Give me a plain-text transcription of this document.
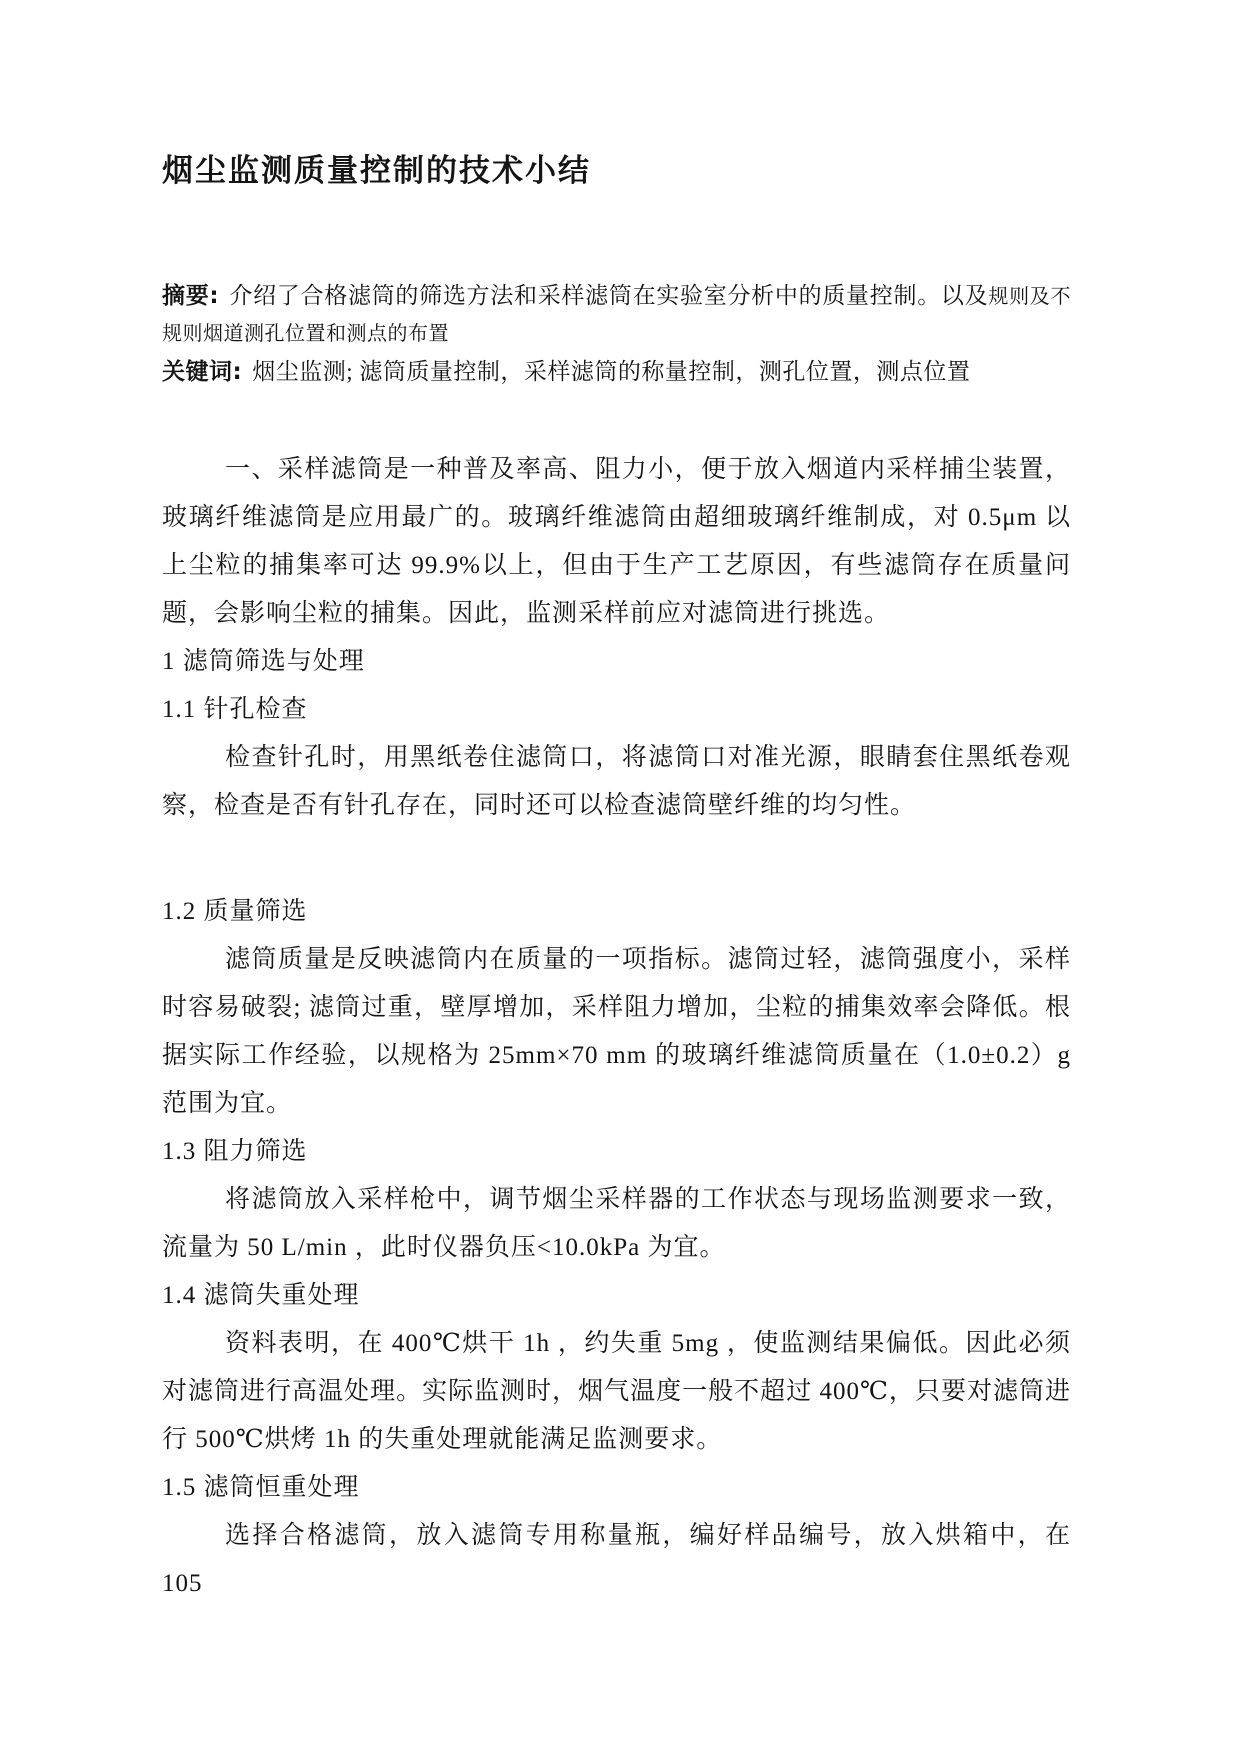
烟尘监测质量控制的技术小结

摘要: 介绍了合格滤筒的筛选方法和采样滤筒在实验室分析中的质量控制。以及规则及不规则烟道测孔位置和测点的布置

关键词: 烟尘监测; 滤筒质量控制，采样滤筒的称量控制，测孔位置，测点位置

一、采样滤筒是一种普及率高、阻力小，便于放入烟道内采样捕尘装置，玻璃纤维滤筒是应用最广的。玻璃纤维滤筒由超细玻璃纤维制成，对 0.5μm 以上尘粒的捕集率可达 99.9%以上，但由于生产工艺原因，有些滤筒存在质量问题，会影响尘粒的捕集。因此，监测采样前应对滤筒进行挑选。

1 滤筒筛选与处理
1.1 针孔检查

检查针孔时，用黑纸卷住滤筒口，将滤筒口对准光源，眼睛套住黑纸卷观察，检查是否有针孔存在，同时还可以检查滤筒壁纤维的均匀性。

1.2 质量筛选

滤筒质量是反映滤筒内在质量的一项指标。滤筒过轻，滤筒强度小，采样时容易破裂; 滤筒过重，壁厚增加，采样阻力增加，尘粒的捕集效率会降低。根据实际工作经验，以规格为 25mm×70 mm 的玻璃纤维滤筒质量在（1.0±0.2）g 范围为宜。

1.3 阻力筛选

将滤筒放入采样枪中，调节烟尘采样器的工作状态与现场监测要求一致，流量为 50 L/min ，此时仪器负压<10.0kPa 为宜。

1.4 滤筒失重处理

资料表明，在 400℃烘干 1h ，约失重 5mg ，使监测结果偏低。因此必须对滤筒进行高温处理。实际监测时，烟气温度一般不超过 400℃，只要对滤筒进行 500℃烘烤 1h 的失重处理就能满足监测要求。

1.5 滤筒恒重处理

选择合格滤筒，放入滤筒专用称量瓶，编好样品编号，放入烘箱中，在 105
